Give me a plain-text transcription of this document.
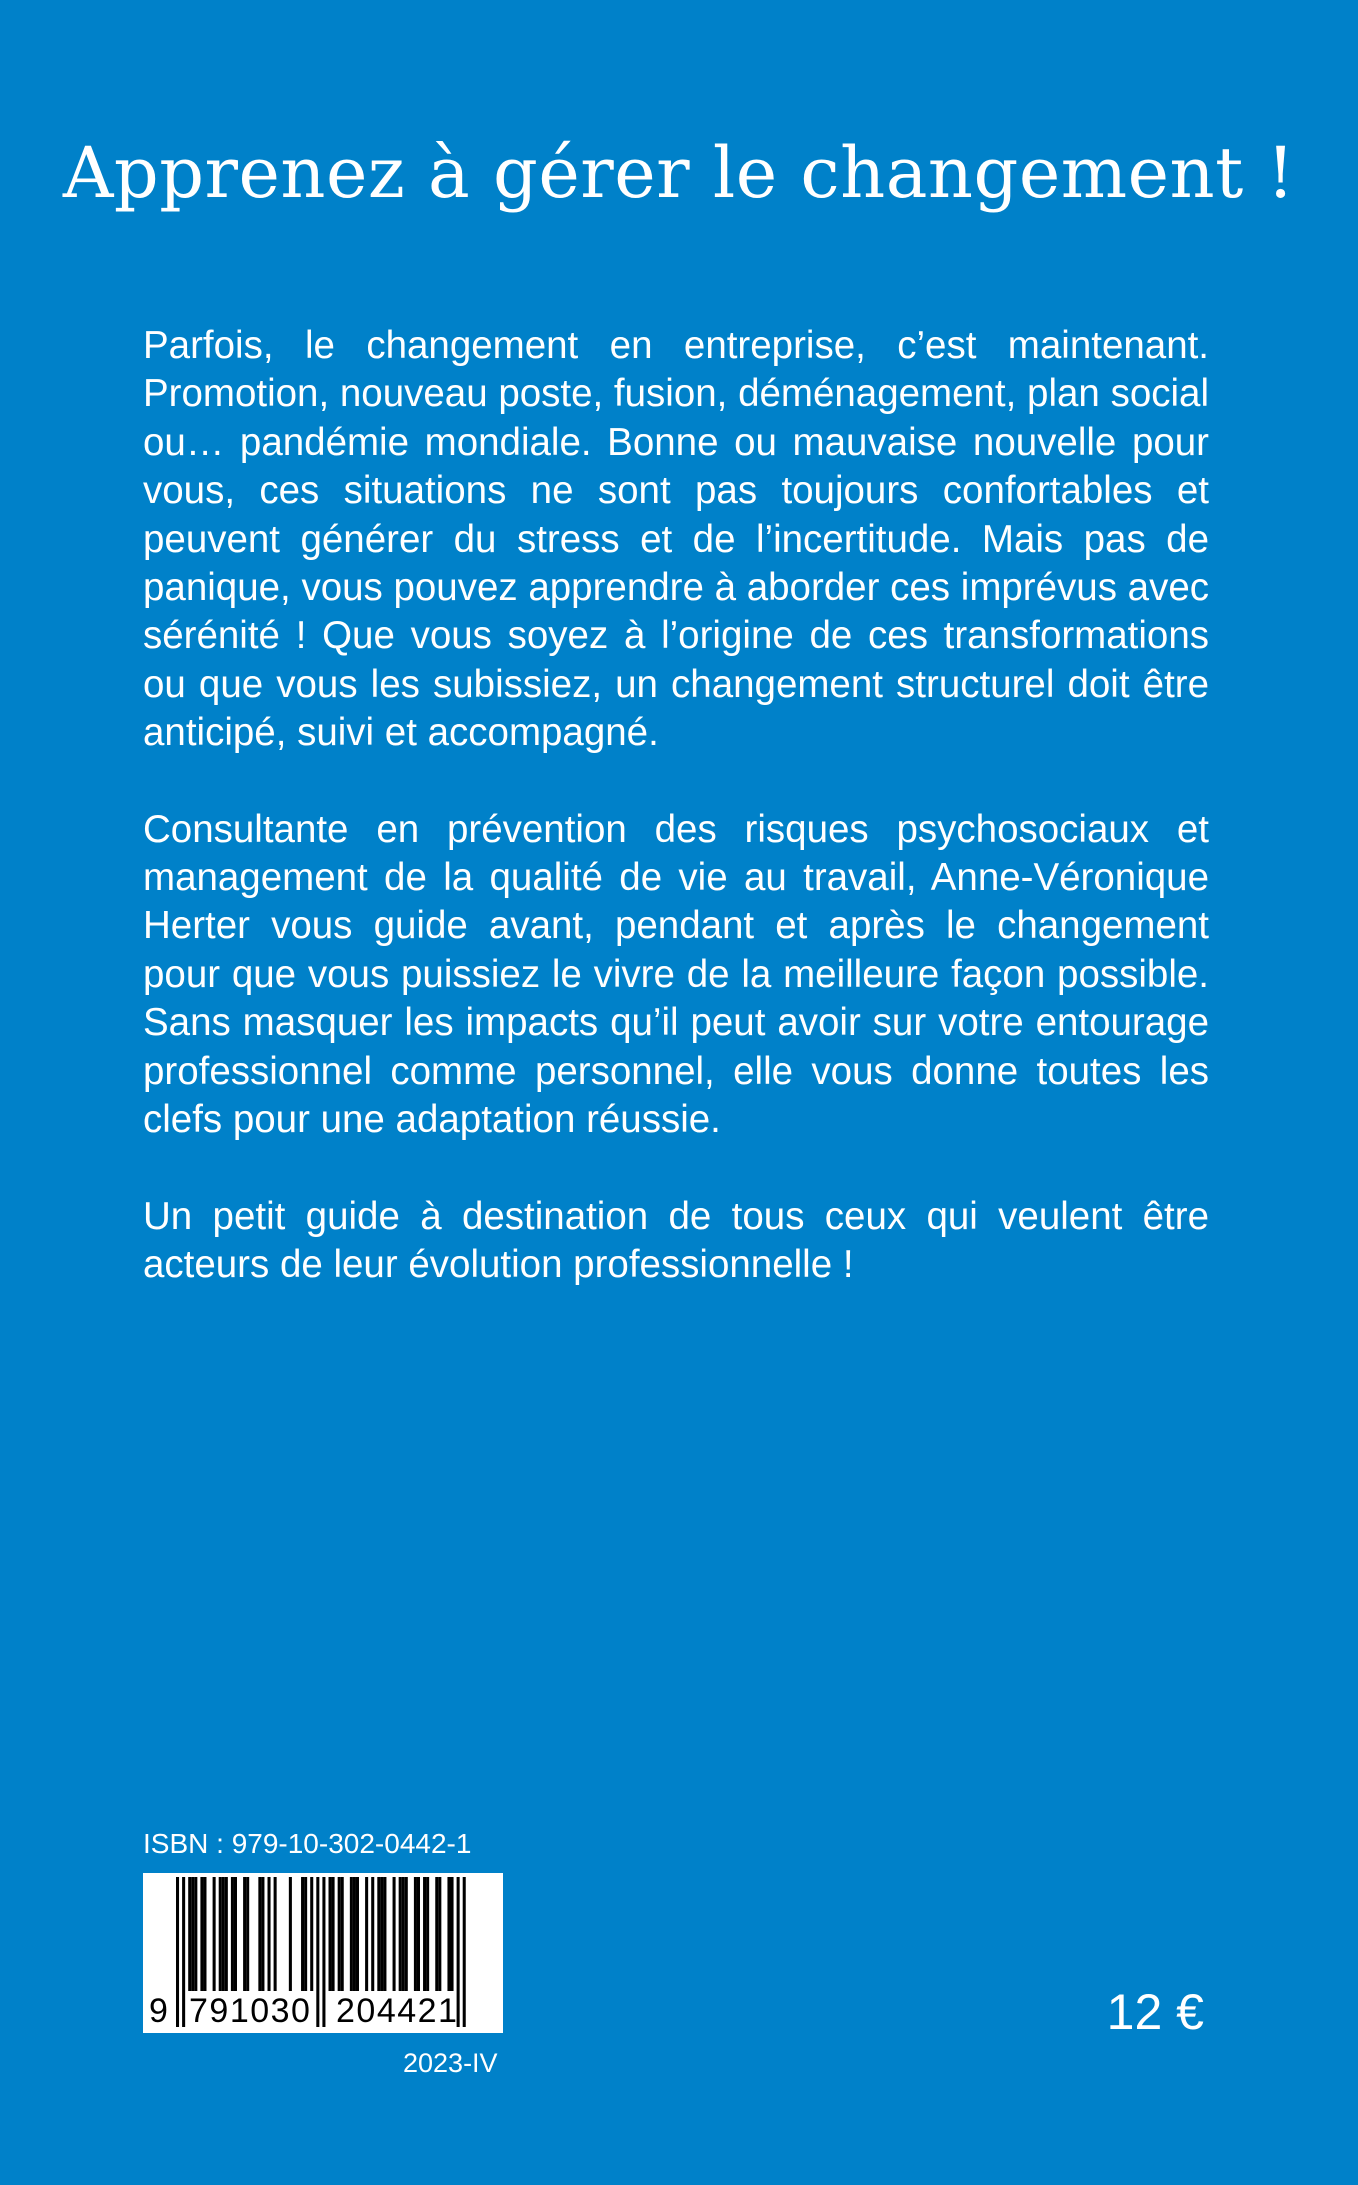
Apprenez à gérer le changement !

Parfois, le changement en entreprise, c’est maintenant. Promotion, nouveau poste, fusion, déménagement, plan social ou… pandémie mondiale. Bonne ou mauvaise nouvelle pour vous, ces situations ne sont pas toujours confortables et peuvent générer du stress et de l’incertitude. Mais pas de panique, vous pouvez apprendre à aborder ces imprévus avec sérénité ! Que vous soyez à l’origine de ces transformations ou que vous les subissiez, un changement structurel doit être anticipé, suivi et accompagné.

Consultante en prévention des risques psychosociaux et management de la qualité de vie au travail, Anne-Véronique Herter vous guide avant, pendant et après le changement pour que vous puissiez le vivre de la meilleure façon possible. Sans masquer les impacts qu’il peut avoir sur votre entourage professionnel comme personnel, elle vous donne toutes les clefs pour une adaptation réussie.

Un petit guide à destination de tous ceux qui veulent être acteurs de leur évolution professionnelle !

ISBN : 979-10-302-0442-1
9 791030 204421
2023-IV
12 €
